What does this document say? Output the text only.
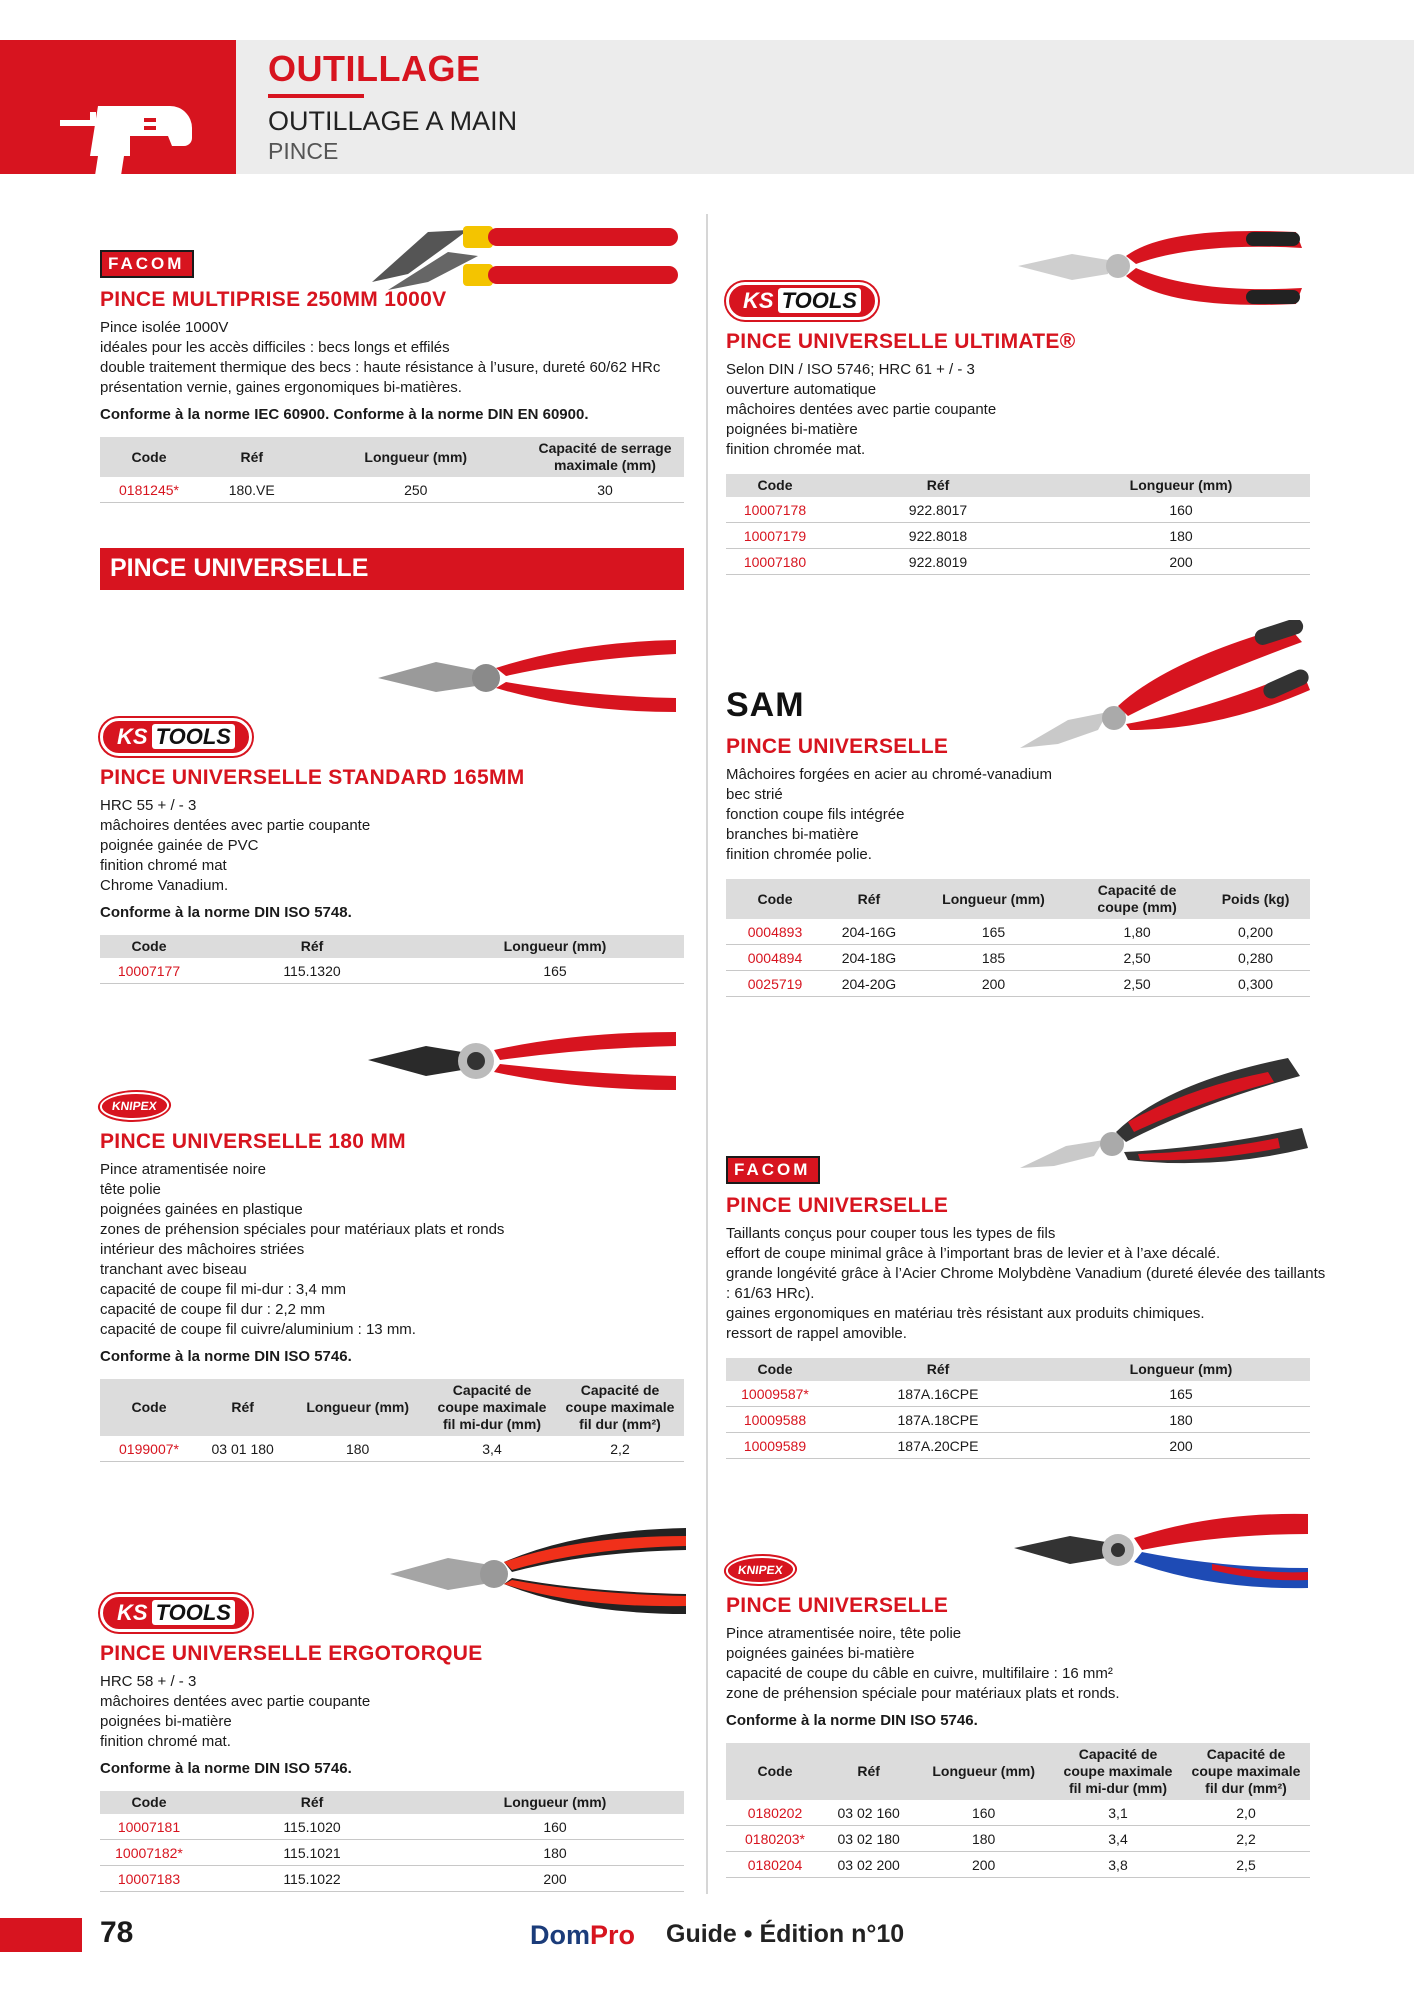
OUTILLAGE
OUTILLAGE A MAIN
PINCE
PINCE UNIVERSELLE
FACOM
PINCE MULTIPRISE 250MM 1000V
Pince isolée 1000V
idéales pour les accès difficiles : becs longs et effilés
double traitement thermique des becs : haute résistance à l’usure, dureté 60/62 HRc
présentation vernie, gaines ergonomiques bi-matières.
Conforme à la norme IEC 60900. Conforme à la norme DIN EN 60900.
Code	Réf	Longueur (mm)	Capacité de serrage maximale (mm)
0181245*	180.VE	250	30
KS TOOLS
PINCE UNIVERSELLE STANDARD 165MM
HRC 55 + / - 3
mâchoires dentées avec partie coupante
poignée gainée de PVC
finition chromé mat
Chrome Vanadium.
Conforme à la norme DIN ISO 5748.
Code	Réf	Longueur (mm)
10007177	115.1320	165
KNIPEX
PINCE UNIVERSELLE 180 MM
Pince atramentisée noire
tête polie
poignées gainées en plastique
zones de préhension spéciales pour matériaux plats et ronds
intérieur des mâchoires striées
tranchant avec biseau
capacité de coupe fil mi-dur : 3,4 mm
capacité de coupe fil dur : 2,2 mm
capacité de coupe fil cuivre/aluminium : 13 mm.
Conforme à la norme DIN ISO 5746.
Code	Réf	Longueur (mm)	Capacité de coupe maximale fil mi-dur (mm)	Capacité de coupe maximale fil dur (mm²)
0199007*	03 01 180	180	3,4	2,2
KS TOOLS
PINCE UNIVERSELLE ERGOTORQUE
HRC 58 + / - 3
mâchoires dentées avec partie coupante
poignées bi-matière
finition chromé mat.
Conforme à la norme DIN ISO 5746.
Code	Réf	Longueur (mm)
10007181	115.1020	160
10007182*	115.1021	180
10007183	115.1022	200
KS TOOLS
PINCE UNIVERSELLE ULTIMATE®
Selon DIN / ISO 5746; HRC 61 + / - 3
ouverture automatique
mâchoires dentées avec partie coupante
poignées bi-matière
finition chromée mat.
Code	Réf	Longueur (mm)
10007178	922.8017	160
10007179	922.8018	180
10007180	922.8019	200
SAM
PINCE UNIVERSELLE
Mâchoires forgées en acier au chromé-vanadium
bec strié
fonction coupe fils intégrée
branches bi-matière
finition chromée polie.
Code	Réf	Longueur (mm)	Capacité de coupe (mm)	Poids (kg)
0004893	204-16G	165	1,80	0,200
0004894	204-18G	185	2,50	0,280
0025719	204-20G	200	2,50	0,300
FACOM
PINCE UNIVERSELLE
Taillants conçus pour couper tous les types de fils
effort de coupe minimal grâce à l’important bras de levier et à l’axe décalé.
grande longévité grâce à l’Acier Chrome Molybdène Vanadium (dureté élevée des taillants : 61/63 HRc).
gaines ergonomiques en matériau très résistant aux produits chimiques.
ressort de rappel amovible.
Code	Réf	Longueur (mm)
10009587*	187A.16CPE	165
10009588	187A.18CPE	180
10009589	187A.20CPE	200
KNIPEX
PINCE UNIVERSELLE
Pince atramentisée noire, tête polie
poignées gainées bi-matière
capacité de coupe du câble en cuivre, multifilaire : 16 mm²
zone de préhension spéciale pour matériaux plats et ronds.
Conforme à la norme DIN ISO 5746.
Code	Réf	Longueur (mm)	Capacité de coupe maximale fil mi-dur (mm)	Capacité de coupe maximale fil dur (mm²)
0180202	03 02 160	160	3,1	2,0
0180203*	03 02 180	180	3,4	2,2
0180204	03 02 200	200	3,8	2,5
78	DomPro Guide • Édition n°10
